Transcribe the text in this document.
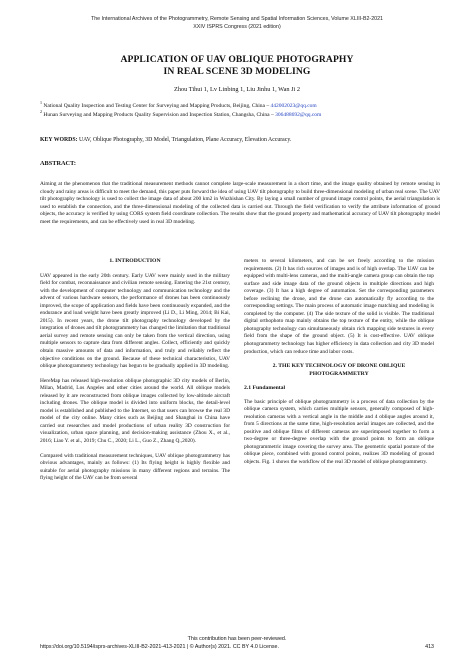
The International Archives of the Photogrammetry, Remote Sensing and Spatial Information Sciences, Volume XLIII-B2-2021
XXIV ISPRS Congress (2021 edition)
APPLICATION OF UAV OBLIQUE PHOTOGRAPHY
IN REAL SCENE 3D MODELING
Zhou Tihui 1, Lv Linbing 1, Liu Jinhu 1, Wan Ji 2
$^1$ National Quality Inspection and Testing Center for Surveying and Mapping Products, Beijing, China – 442002023@qq.com
$^2$ Hunan Surveying and Mapping Products Quality Supervision and Inspection Station, Changsha, China – 306488692@qq.com
KEY WORDS: UAV, Oblique Photography, 3D Model, Triangulation, Plane Accuracy, Elevation Accuracy.
ABSTRACT:
Aiming at the phenomenon that the traditional measurement methods cannot complete large-scale measurement in a short time, and the image quality obtained by remote sensing in cloudy and rainy areas is difficult to meet the demand, this paper puts forward the idea of using UAV tilt photography to build three-dimensional modeling of urban real scene. The UAV tilt photography technology is used to collect the image data of about 200 km2 in Wuzhishan City. By laying a small number of ground image control points, the aerial triangulation is used to establish the connection, and the three-dimensional modeling of the collected data is carried out. Through the field verification to verify the attribute information of ground objects, the accuracy is verified by using CORS system field coordinate collection. The results show that the ground property and mathematical accuracy of UAV tilt photography model meet the requirements, and can be effectively used in real 3D modeling.
1. INTRODUCTION

UAV appeared in the early 20th century. Early UAV were mainly used in the military field for combat, reconnaissance and civilian remote sensing. Entering the 21st century, with the development of computer technology and communication technology and the advent of various hardware sensors, the performance of drones has been continuously improved, the scope of application and fields have been continuously expanded, and the endurance and load weight have been greatly improved (Li D., Li Ming, 2014; Bi Kai, 2015). In recent years, the drone tilt photography technology developed by the integration of drones and tilt photogrammetry has changed the limitation that traditional aerial survey and remote sensing can only be taken from the vertical direction, using multiple sensors to capture data from different angles. Collect, efficiently and quickly obtain massive amounts of data and information, and truly and reliably reflect the objective conditions on the ground. Because of these technical characteristics, UAV oblique photogrammetry technology has begun to be gradually applied in 3D modeling.

HereMap has released high-resolution oblique photographic 3D city models of Berlin, Milan, Madrid, Los Angeles and other cities around the world. All oblique models released by it are reconstructed from oblique images collected by low-altitude aircraft including drones. The oblique model is divided into uniform blocks, the detail-level model is established and published to the Internet, so that users can browse the real 3D model of the city online. Many cities such as Beijing and Shanghai in China have carried out researches and model productions of urban reality 3D construction for visualization, urban space planning, and decision-making assistance (Zhou X., et al., 2016; Liao Y. et al., 2019; Chu C., 2020; Li L., Guo Z., Zhang Q.,2020).

Compared with traditional measurement techniques, UAV oblique photogrammetry has obvious advantages, mainly as follows: (1) Its flying height is highly flexible and suitable for aerial photography missions in many different regions and terrains. The flying height of the UAV can be from several

meters to several kilometers, and can be set freely according to the mission requirements. (2) It has rich sources of images and is of high overlap. The UAV can be equipped with multi-lens cameras, and the multi-angle camera group can obtain the top surface and side image data of the ground objects in multiple directions and high coverage. (3) It has a high degree of automation. Set the corresponding parameters before reclining the drone, and the drone can automatically fly according to the corresponding settings. The main process of automatic image matching and modeling is completed by the computer. (4) The side texture of the solid is visible. The traditional digital orthophoto map mainly obtains the top texture of the entity, while the oblique photography technology can simultaneously obtain rich mapping side textures in every field from the shape of the ground object. (5) It is cost-effective. UAV oblique photogrammetry technology has higher efficiency in data collection and city 3D model production, which can reduce time and labor costs.

2. THE KEY TECHNOLOGY OF DRONE OBLIQUE PHOTOGRAMMETRY
2.1 Fundamental

The basic principle of oblique photogrammetry is a process of data collection by the oblique camera system, which carries multiple sensors, generally composed of high-resolution cameras with a vertical angle in the middle and 4 oblique angles around it, from 5 directions at the same time, high-resolution aerial images are collected, and the positive and oblique films of different cameras are superimposed together to form a two-degree or three-degree overlap with the ground points to form an oblique photogrammetric image covering the survey area. The geometric spatial posture of the oblique piece, combined with ground control points, realizes 3D modeling of ground objects. Fig. 1 shows the workflow of the real 3D model of oblique photogrammetry.

This contribution has been peer-reviewed.
https://doi.org/10.5194/isprs-archives-XLIII-B2-2021-413-2021 | © Author(s) 2021. CC BY 4.0 License.	413
